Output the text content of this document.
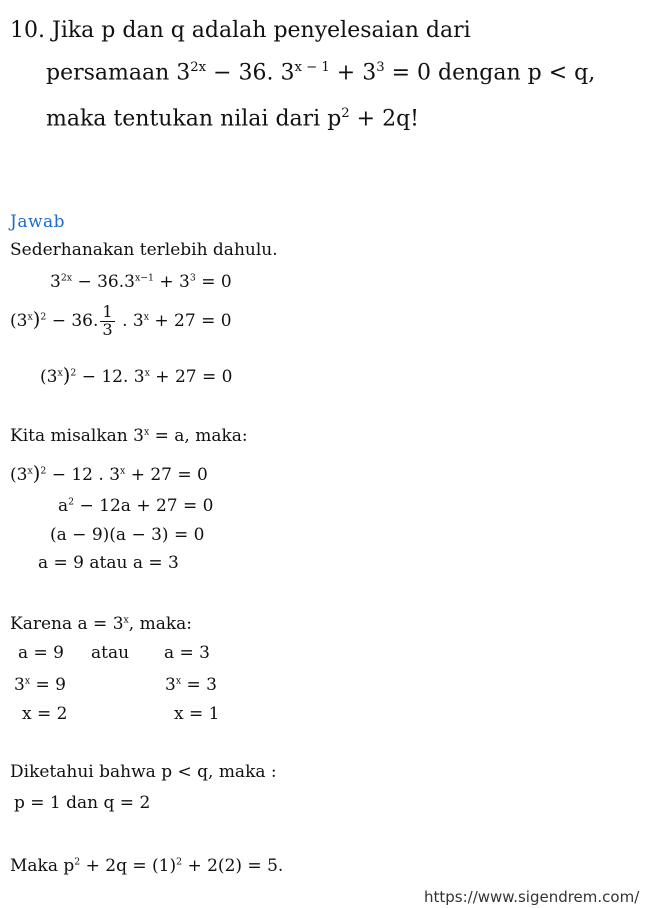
10. Jika p dan q adalah penyelesaian dari
persamaan $3^{2x} - 36$. $3^{x - 1} + 3^3 = 0$ dengan p < q,
maka tentukan nilai dari $p^2 + 2q$!
Jawab
Sederhanakan terlebih dahulu.
$3^{2x} - 36.3^{x-1} + 3^3 = 0$
$(3^x)^2 - 36$. $\frac{1}{3}$ . $3^x + 27 = 0$
$(3^x)^2 - 12$. $3^x + 27 = 0$
Kita misalkan $3^x = a$, maka:
$(3^x)^2 - 12$ . $3^x + 27 = 0$
$a^2 - 12a + 27 = 0$
(a − 9)(a − 3) = 0
a = 9 atau a = 3
Karena $a = 3^x$, maka:
a = 9 atau a = 3
$3^x = 9$	$3^x = 3$
x = 2	x = 1
Diketahui bahwa p < q, maka :
p = 1 dan q = 2
Maka $p^2 + 2q = (1)^2 + 2(2) = 5$.
https://www.sigendrem.com/
